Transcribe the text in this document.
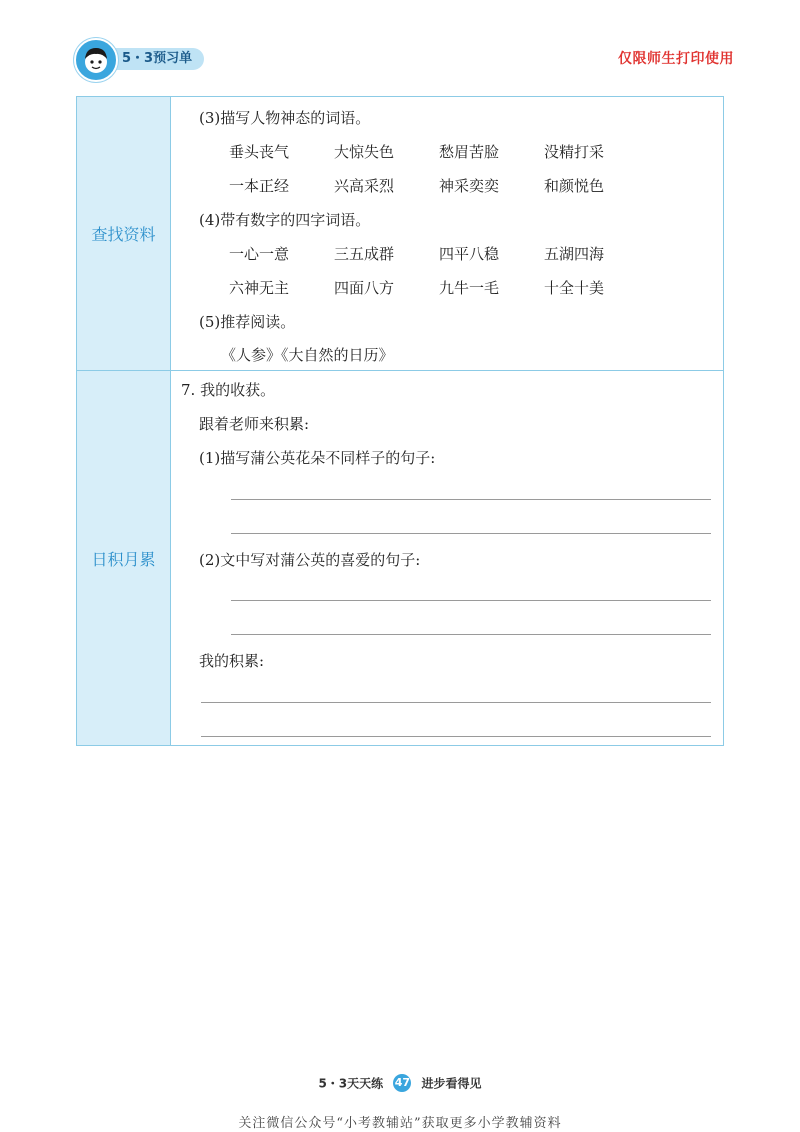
5・3预习单	仅限师生打印使用
查找资料
(3)描写人物神态的词语。
垂头丧气	大惊失色	愁眉苦脸	没精打采
一本正经	兴高采烈	神采奕奕	和颜悦色
(4)带有数字的四字词语。
一心一意	三五成群	四平八稳	五湖四海
六神无主	四面八方	九牛一毛	十全十美
(5)推荐阅读。
《人参》《大自然的日历》
日积月累
7. 我的收获。
跟着老师来积累:
(1)描写蒲公英花朵不同样子的句子:
(2)文中写对蒲公英的喜爱的句子:
我的积累:
5・3天天练 47 进步看得见
关注微信公众号“小考教辅站”获取更多小学教辅资料
